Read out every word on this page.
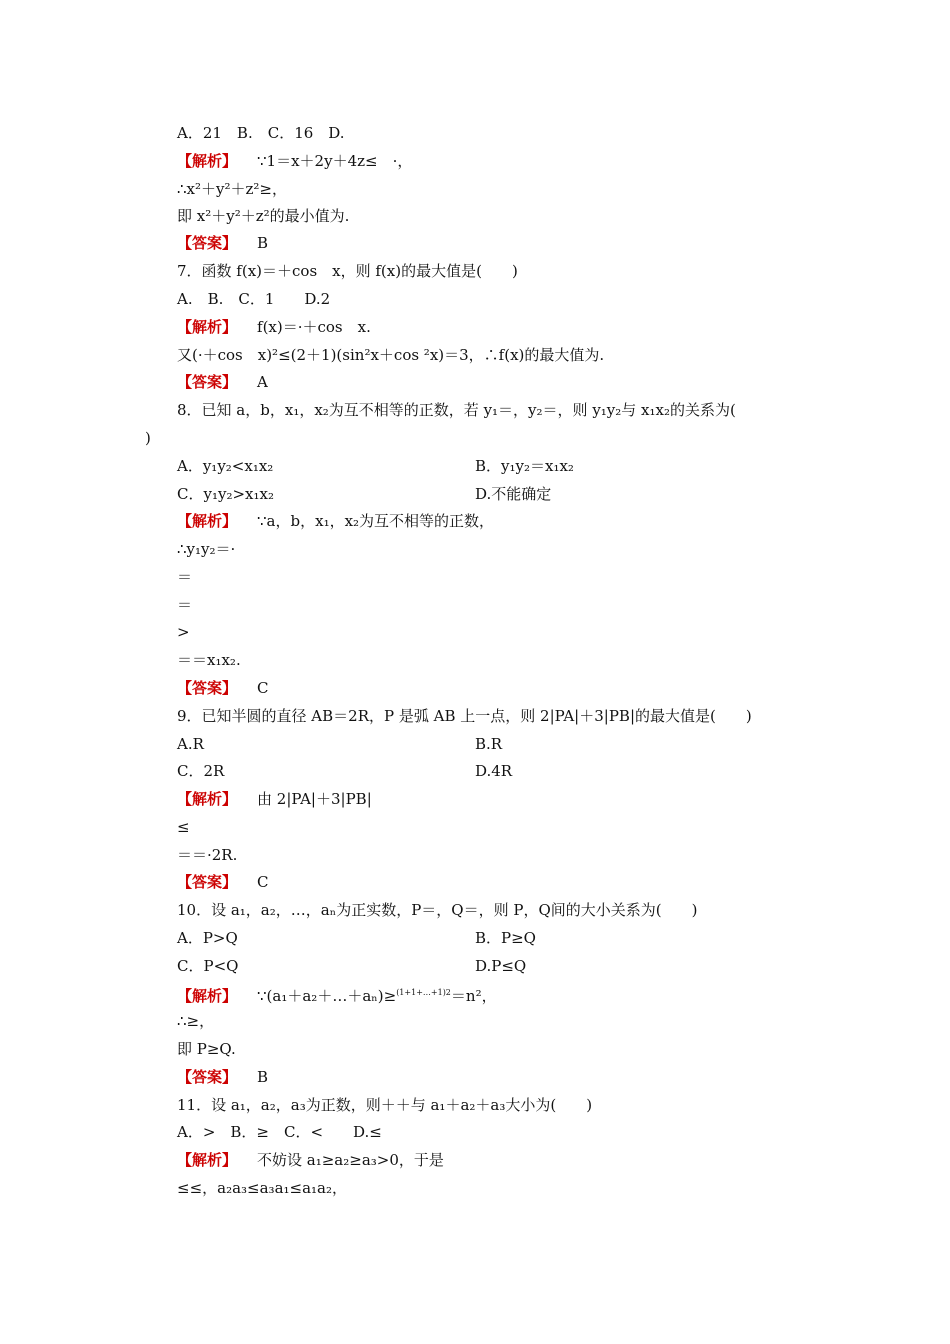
A．21　B.　C．16　D.
【解析】 ∵1＝x＋2y＋4z≤　·，
∴x²＋y²＋z²≥，
即 x²＋y²＋z²的最小值为.
【答案】 B
7．函数 f(x)＝＋cos　x，则 f(x)的最大值是(　　)
A.　B.　C．1　　D.2
【解析】 f(x)＝·＋cos　x.
又(·＋cos　x)²≤(2＋1)(sin²x＋cos ²x)＝3，∴f(x)的最大值为.
【答案】 A
8．已知 a，b，x₁，x₂为互不相等的正数，若 y₁＝，y₂＝，则 y₁y₂与 x₁x₂的关系为(
)
A．y₁y₂<x₁x₂	B．y₁y₂＝x₁x₂
C．y₁y₂>x₁x₂	D.不能确定
【解析】 ∵a，b，x₁，x₂为互不相等的正数，
∴y₁y₂＝·
＝
＝
>
＝＝x₁x₂.
【答案】 C
9．已知半圆的直径 AB＝2R，P 是弧 AB 上一点，则 2|PA|＋3|PB|的最大值是(　　)
A.R	B.R
C．2R	D.4R
【解析】 由 2|PA|＋3|PB|
≤
＝＝·2R.
【答案】 C
10．设 a₁，a₂，…，aₙ为正实数，P＝，Q＝，则 P，Q间的大小关系为(　　)
A．P>Q	B．P≥Q
C．P<Q	D.P≤Q
【解析】 ∵(a₁＋a₂＋…＋aₙ)≥$^{(1+1+\dots+1)2}$＝n²，
∴≥，
即 P≥Q.
【答案】 B
11．设 a₁，a₂，a₃为正数，则＋＋与 a₁＋a₂＋a₃大小为(　　)
A．>　B．≥　C．<　　D.≤
【解析】 不妨设 a₁≥a₂≥a₃>0，于是
≤≤，a₂a₃≤a₃a₁≤a₁a₂，
